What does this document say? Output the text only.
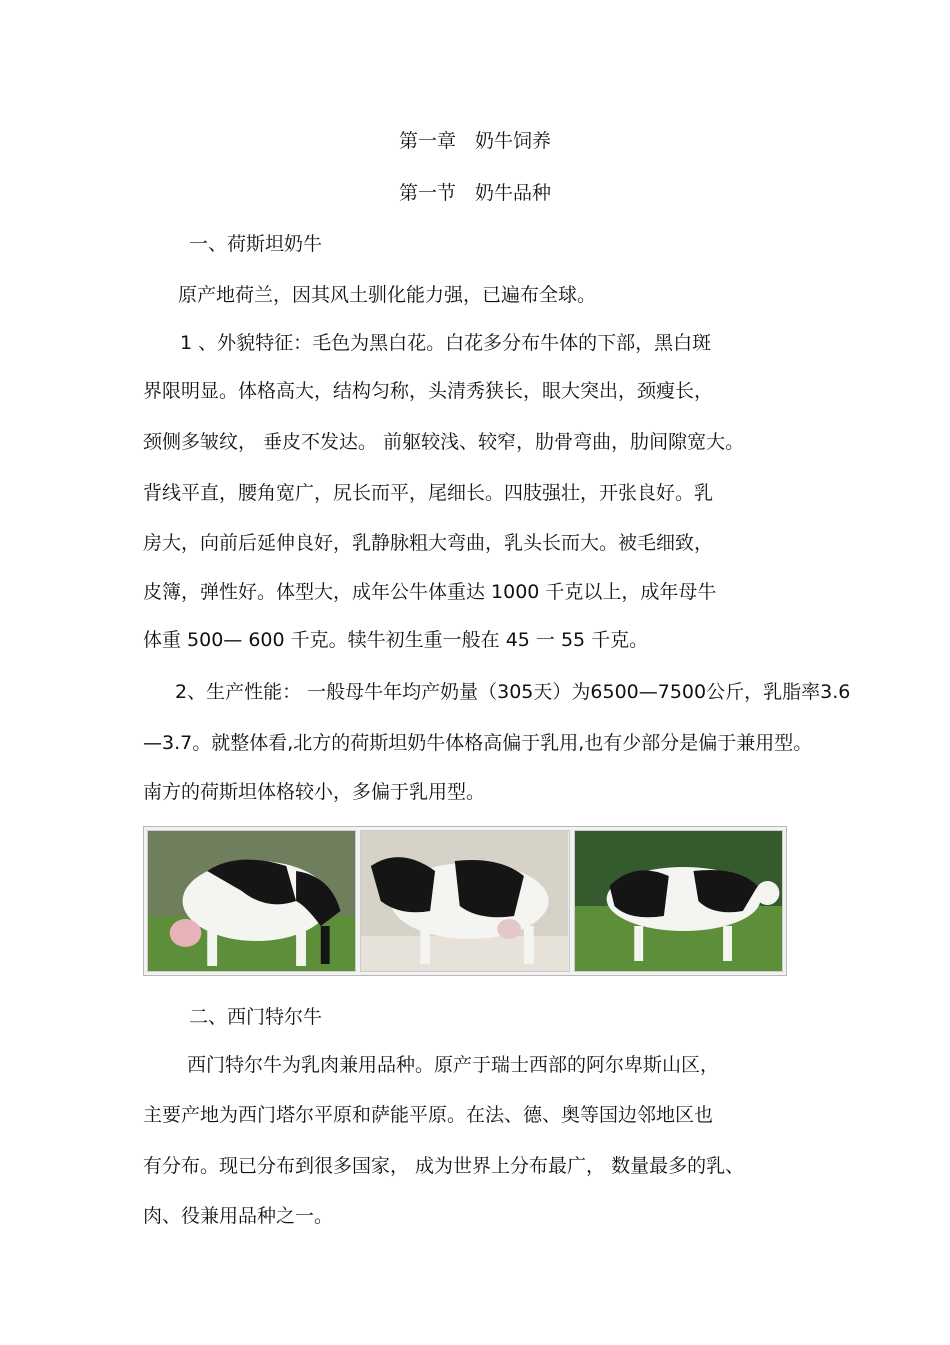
第一章　奶牛饲养
第一节　奶牛品种
一、荷斯坦奶牛
原产地荷兰，因其风土驯化能力强，已遍布全球。
1 、外貌特征：毛色为黑白花。白花多分布牛体的下部，黑白斑
界限明显。体格高大，结构匀称，头清秀狭长，眼大突出，颈瘦长，
颈侧多皱纹， 垂皮不发达。 前躯较浅、较窄，肋骨弯曲，肋间隙宽大。
背线平直，腰角宽广，尻长而平，尾细长。四肢强壮，开张良好。乳
房大，向前后延伸良好，乳静脉粗大弯曲，乳头长而大。被毛细致，
皮簿，弹性好。体型大，成年公牛体重达 1000 千克以上，成年母牛
体重 500— 600 千克。犊牛初生重一般在 45 一 55 千克。
2、生产性能： 一般母牛年均产奶量（305天）为6500—7500公斤，乳脂率3.6
—3.7。就整体看,北方的荷斯坦奶牛体格高偏于乳用,也有少部分是偏于兼用型。
南方的荷斯坦体格较小，多偏于乳用型。
二、西门特尔牛
西门特尔牛为乳肉兼用品种。原产于瑞士西部的阿尔卑斯山区，
主要产地为西门塔尔平原和萨能平原。在法、德、奥等国边邻地区也
有分布。现已分布到很多国家， 成为世界上分布最广， 数量最多的乳、
肉、役兼用品种之一。
